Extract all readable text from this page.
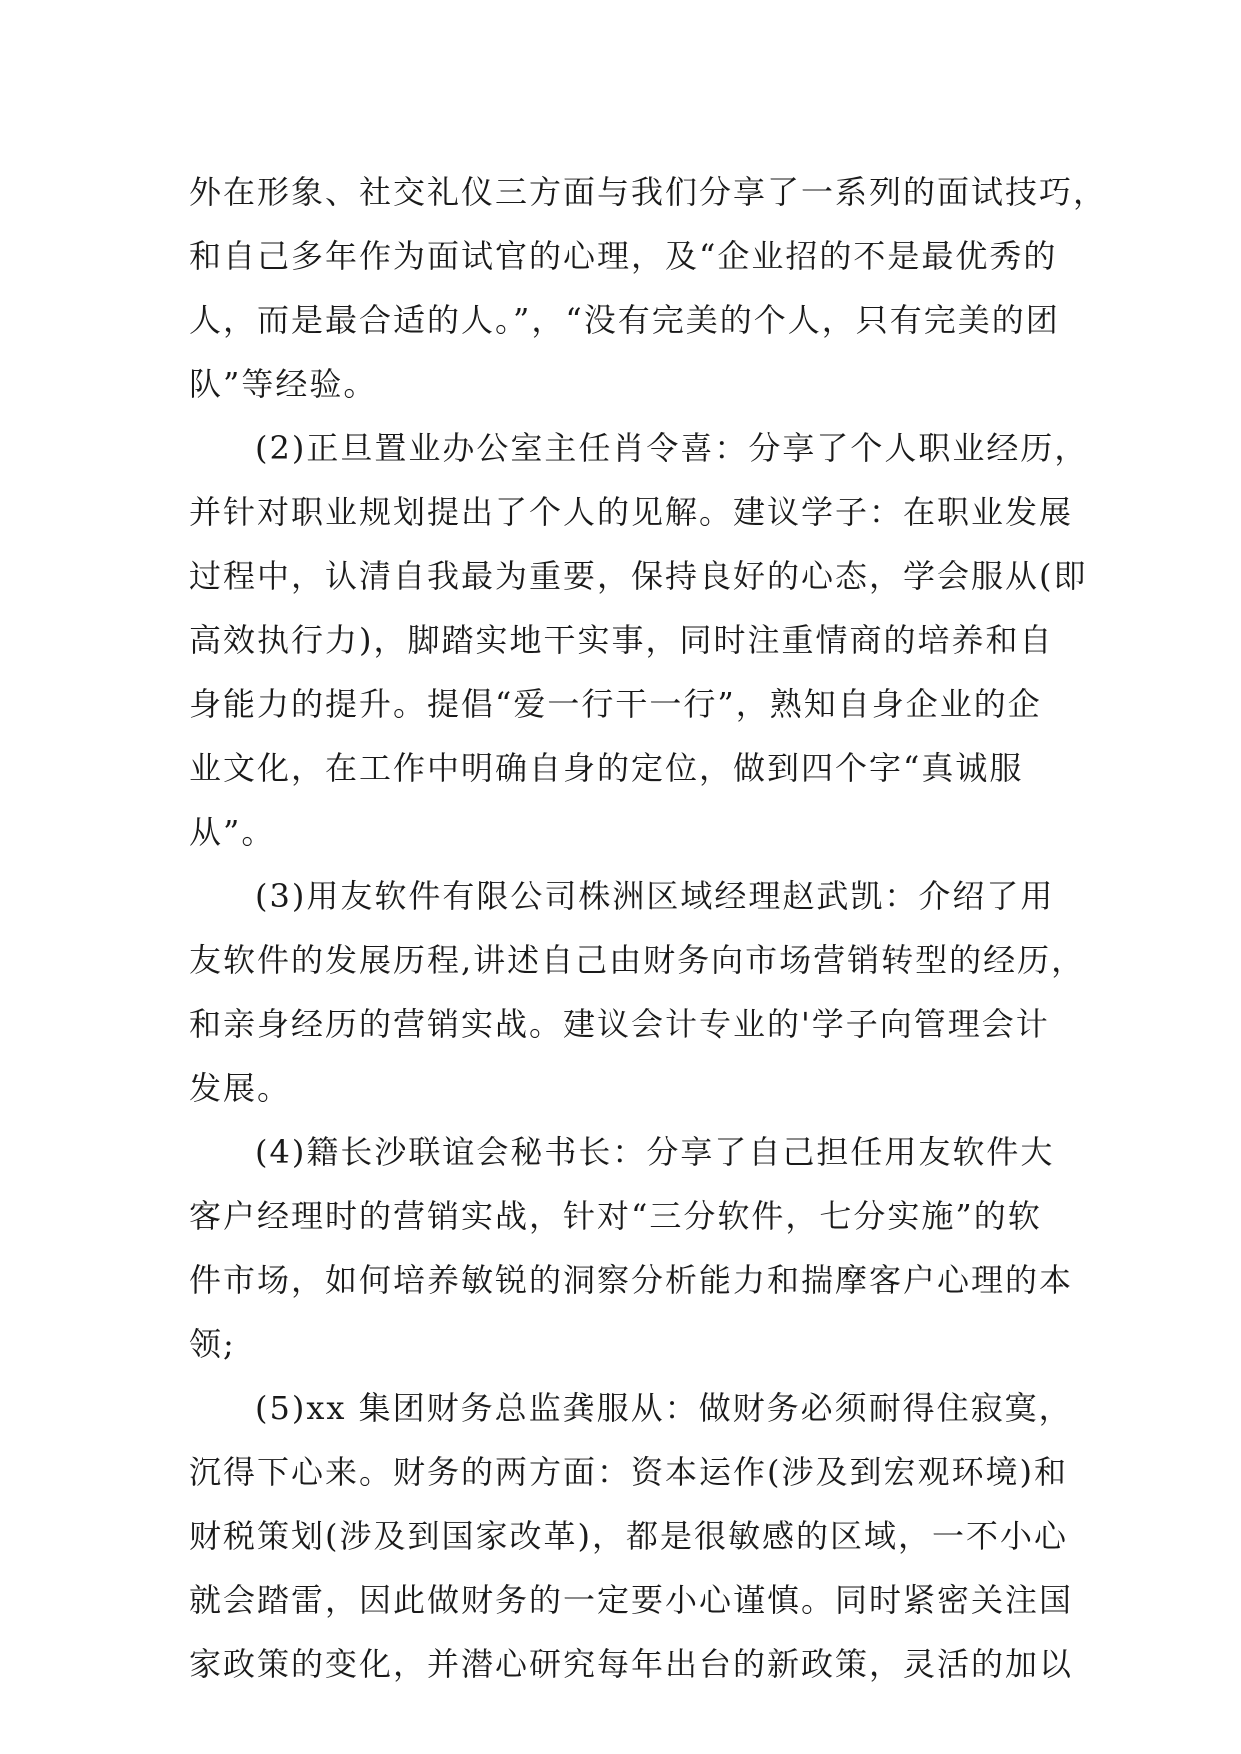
外在形象、社交礼仪三方面与我们分享了一系列的面试技巧，
和自己多年作为面试官的心理，及“企业招的不是最优秀的
人，而是最合适的人。”，“没有完美的个人，只有完美的团
队”等经验。
(2)正旦置业办公室主任肖令喜：分享了个人职业经历，
并针对职业规划提出了个人的见解。建议学子：在职业发展
过程中，认清自我最为重要，保持良好的心态，学会服从(即
高效执行力)，脚踏实地干实事，同时注重情商的培养和自
身能力的提升。提倡“爱一行干一行”，熟知自身企业的企
业文化，在工作中明确自身的定位，做到四个字“真诚服
从”。
(3)用友软件有限公司株洲区域经理赵武凯：介绍了用
友软件的发展历程,讲述自己由财务向市场营销转型的经历，
和亲身经历的营销实战。建议会计专业的'学子向管理会计
发展。
(4)籍长沙联谊会秘书长：分享了自己担任用友软件大
客户经理时的营销实战，针对“三分软件，七分实施”的软
件市场，如何培养敏锐的洞察分析能力和揣摩客户心理的本
领;
(5)xx 集团财务总监龚服从：做财务必须耐得住寂寞，
沉得下心来。财务的两方面：资本运作(涉及到宏观环境)和
财税策划(涉及到国家改革)，都是很敏感的区域，一不小心
就会踏雷，因此做财务的一定要小心谨慎。同时紧密关注国
家政策的变化，并潜心研究每年出台的新政策，灵活的加以
